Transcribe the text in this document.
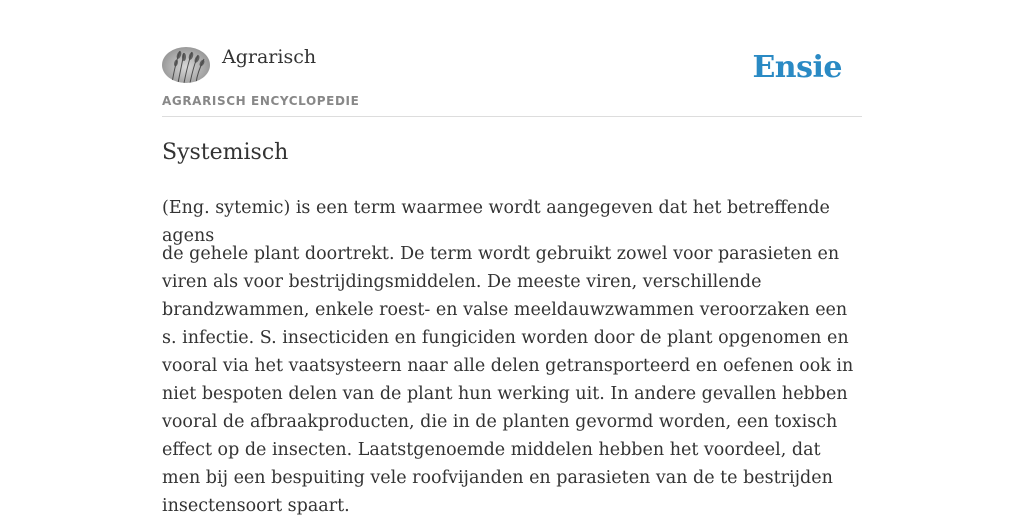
Agrarisch	Ensie
AGRARISCH ENCYCLOPEDIE
Systemisch

(Eng. sytemic) is een term waarmee wordt aangegeven dat het betreffende agens

de gehele plant doortrekt. De term wordt gebruikt zowel voor parasieten en viren als voor bestrijdingsmiddelen. De meeste viren, verschillende brandzwammen, enkele roest- en valse meeldauwzwammen veroorzaken een s. infectie. S. insecticiden en fungiciden worden door de plant opgenomen en vooral via het vaatsysteern naar alle delen getransporteerd en oefenen ook in niet bespoten delen van de plant hun werking uit. In andere gevallen hebben vooral de afbraakproducten, die in de planten gevormd worden, een toxisch effect op de insecten. Laatstgenoemde middelen hebben het voordeel, dat men bij een bespuiting vele roofvijanden en parasieten van de te bestrijden insectensoort spaart.
